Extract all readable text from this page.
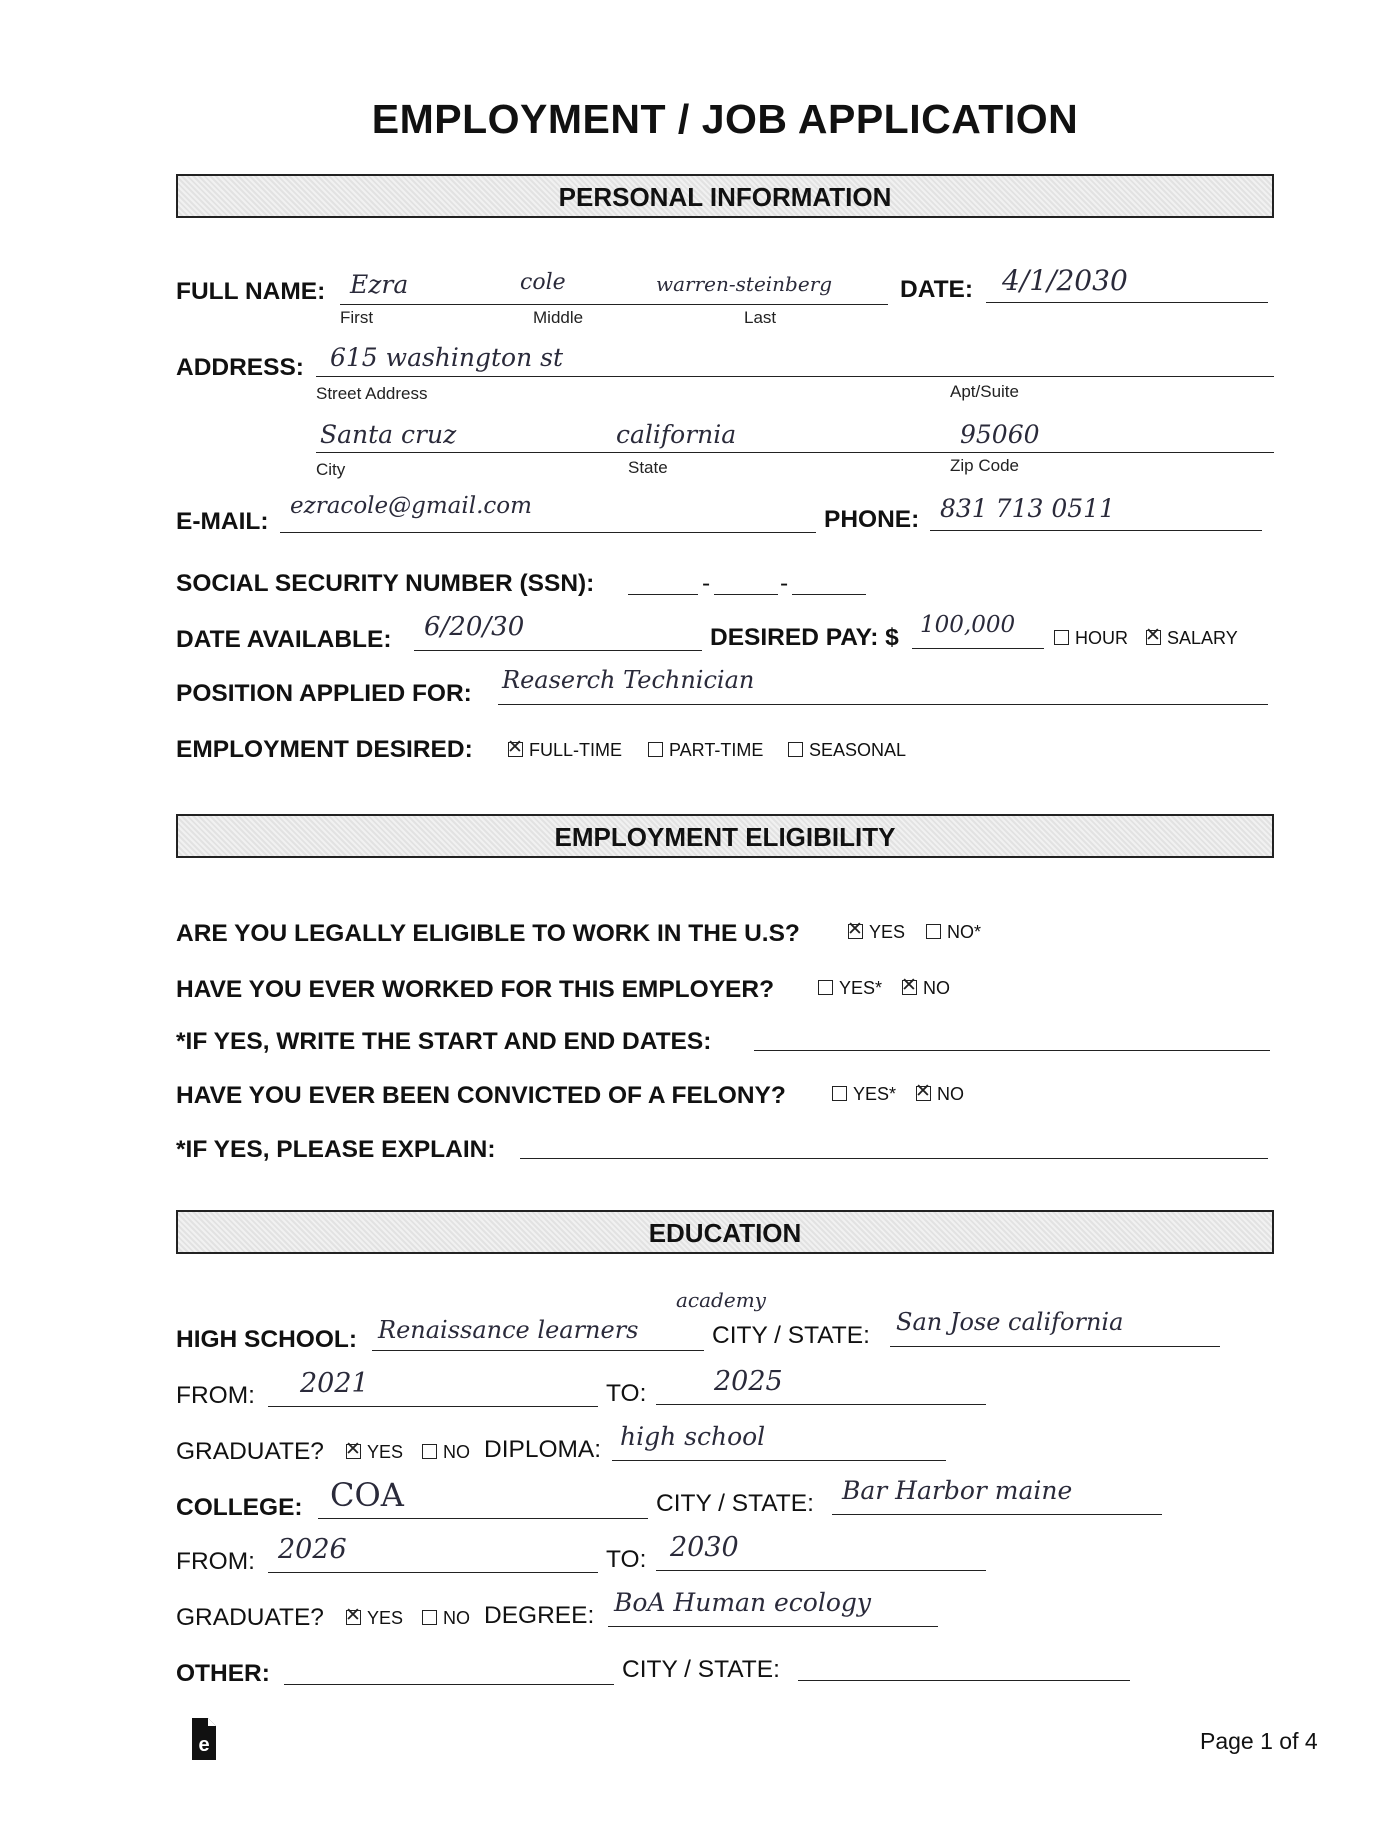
EMPLOYMENT / JOB APPLICATION
PERSONAL INFORMATION
FULL NAME: Ezra	cole	warren-steinberg
First	Middle	Last
DATE: 4/1/2030
ADDRESS: 615 washington st
Street Address	Apt/Suite
Santa cruz	california	95060
City	State	Zip Code
E-MAIL:
ezracole@gmail.com	PHONE: 831 713 0511
SOCIAL SECURITY NUMBER (SSN):	-	-
DATE AVAILABLE: 6/20/30	DESIRED PAY: $ 100,000	HOUR ✕	SALARY
POSITION APPLIED FOR: Reaserch Technician
EMPLOYMENT DESIRED: ✕	FULL-TIME	PART-TIME	SEASONAL
EMPLOYMENT ELIGIBILITY
ARE YOU LEGALLY ELIGIBLE TO WORK IN THE U.S? ✕	YES	NO*
HAVE YOU EVER WORKED FOR THIS EMPLOYER?	YES* ✕	NO
*IF YES, WRITE THE START AND END DATES:
HAVE YOU EVER BEEN CONVICTED OF A FELONY?	YES* ✕	NO
*IF YES, PLEASE EXPLAIN:
EDUCATION
HIGH SCHOOL: Renaissance learners
academy
CITY / STATE: San Jose california
FROM: 2021	TO:	2025
GRADUATE? ✕	YES	NO DIPLOMA: high school
COLLEGE: COA	CITY / STATE: Bar Harbor maine
FROM: 2026	TO: 2030
GRADUATE? ✕	YES	NO DEGREE: BoA Human ecology
OTHER:	CITY / STATE:
e	Page 1 of 4
